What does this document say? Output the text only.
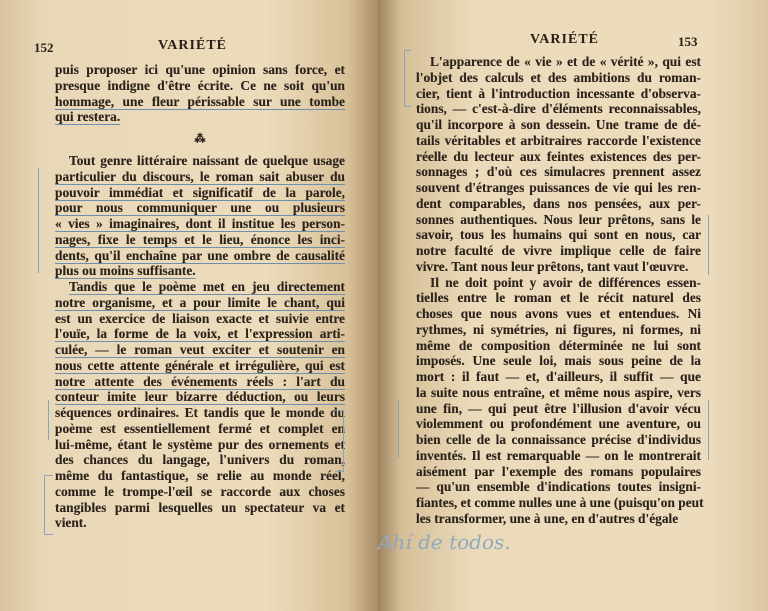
152	VARIÉTÉ
puis proposer ici qu'une opinion sans force, et
presque indigne d'être écrite. Ce ne soit qu'un
hommage, une fleur périssable sur une tombe
qui restera.
⁂
Tout genre littéraire naissant de quelque usage
particulier du discours, le roman sait abuser du
pouvoir immédiat et significatif de la parole,
pour nous communiquer une ou plusieurs
« vies » imaginaires, dont il institue les person-
nages, fixe le temps et le lieu, énonce les inci-
dents, qu'il enchaîne par une ombre de causalité
plus ou moins suffisante.
Tandis que le poème met en jeu directement
notre organisme, et a pour limite le chant, qui
est un exercice de liaison exacte et suivie entre
l'ouïe, la forme de la voix, et l'expression arti-
culée, — le roman veut exciter et soutenir en
nous cette attente générale et irrégulière, qui est
notre attente des événements réels : l'art du
conteur imite leur bizarre déduction, ou leurs
séquences ordinaires. Et tandis que le monde du
poème est essentiellement fermé et complet en
lui-même, étant le système pur des ornements et
des chances du langage, l'univers du roman,
même du fantastique, se relie au monde réel,
comme le trompe-l'œil se raccorde aux choses
tangibles parmi lesquelles un spectateur va et
vient.
VARIÉTÉ	153
L'apparence de « vie » et de « vérité », qui est
l'objet des calculs et des ambitions du roman-
cier, tient à l'introduction incessante d'observa-
tions, — c'est-à-dire d'éléments reconnaissables,
qu'il incorpore à son dessein. Une trame de dé-
tails véritables et arbitraires raccorde l'existence
réelle du lecteur aux feintes existences des per-
sonnages ; d'où ces simulacres prennent assez
souvent d'étranges puissances de vie qui les ren-
dent comparables, dans nos pensées, aux per-
sonnes authentiques. Nous leur prêtons, sans le
savoir, tous les humains qui sont en nous, car
notre faculté de vivre implique celle de faire
vivre. Tant nous leur prêtons, tant vaut l'œuvre.
Il ne doit point y avoir de différences essen-
tielles entre le roman et le récit naturel des
choses que nous avons vues et entendues. Ni
rythmes, ni symétries, ni figures, ni formes, ni
même de composition déterminée ne lui sont
imposés. Une seule loi, mais sous peine de la
mort : il faut — et, d'ailleurs, il suffit — que
la suite nous entraîne, et même nous aspire, vers
une fin, — qui peut être l'illusion d'avoir vécu
violemment ou profondément une aventure, ou
bien celle de la connaissance précise d'individus
inventés. Il est remarquable — on le montrerait
aisément par l'exemple des romans populaires
— qu'un ensemble d'indications toutes insigni-
fiantes, et comme nulles une à une (puisqu'on peut
les transformer, une à une, en d'autres d'égale
Ahí de todos.
